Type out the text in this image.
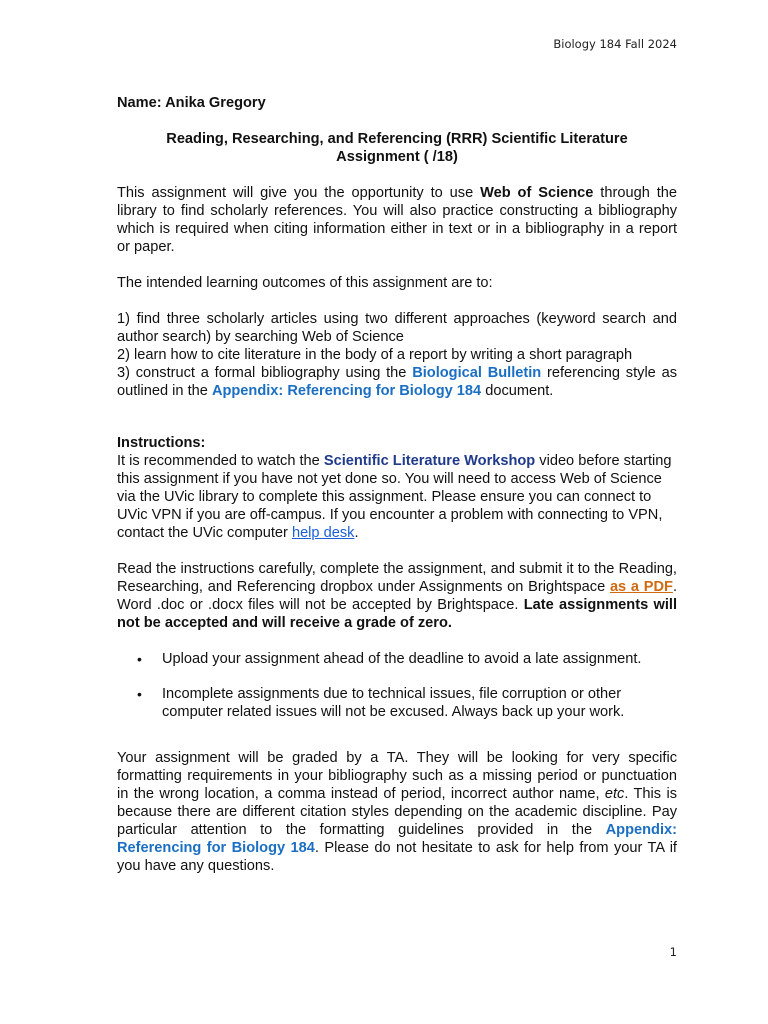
Biology 184 Fall 2024

Name: Anika Gregory

Reading, Researching, and Referencing (RRR) Scientific Literature
Assignment ( /18)

This assignment will give you the opportunity to use Web of Science through the library to find scholarly references. You will also practice constructing a bibliography which is required when citing information either in text or in a bibliography in a report or paper.

The intended learning outcomes of this assignment are to:

1) find three scholarly articles using two different approaches (keyword search and author search) by searching Web of Science
2) learn how to cite literature in the body of a report by writing a short paragraph
3) construct a formal bibliography using the Biological Bulletin referencing style as outlined in the Appendix: Referencing for Biology 184 document.
Instructions:

It is recommended to watch the Scientific Literature Workshop video before starting this assignment if you have not yet done so. You will need to access Web of Science via the UVic library to complete this assignment. Please ensure you can connect to UVic VPN if you are off-campus. If you encounter a problem with connecting to VPN, contact the UVic computer help desk.

Read the instructions carefully, complete the assignment, and submit it to the Reading, Researching, and Referencing dropbox under Assignments on Brightspace as a PDF. Word .doc or .docx files will not be accepted by Brightspace. Late assignments will not be accepted and will receive a grade of zero.

• Upload your assignment ahead of the deadline to avoid a late assignment.
• Incomplete assignments due to technical issues, file corruption or other computer related issues will not be excused. Always back up your work.

Your assignment will be graded by a TA. They will be looking for very specific formatting requirements in your bibliography such as a missing period or punctuation in the wrong location, a comma instead of period, incorrect author name, etc. This is because there are different citation styles depending on the academic discipline. Pay particular attention to the formatting guidelines provided in the Appendix: Referencing for Biology 184. Please do not hesitate to ask for help from your TA if you have any questions.

1
